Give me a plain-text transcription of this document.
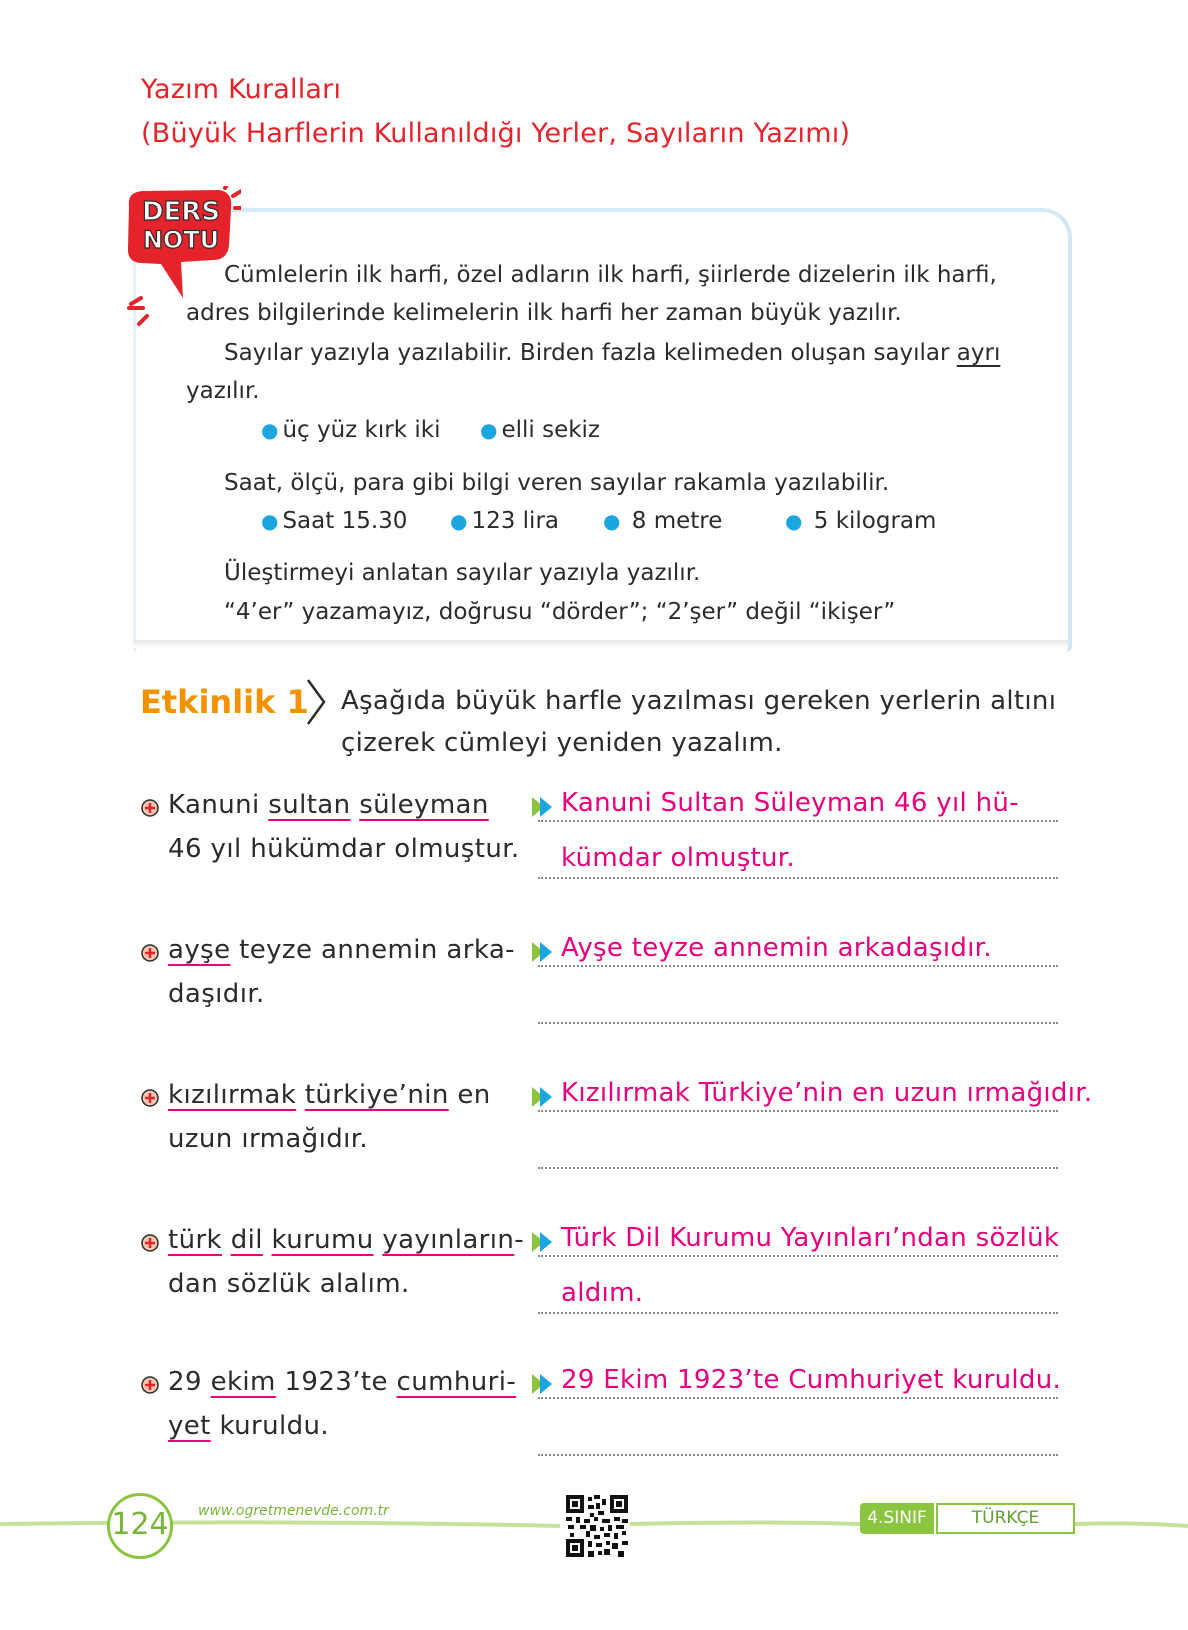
Yazım Kuralları
(Büyük Harflerin Kullanıldığı Yerler, Sayıların Yazımı)
DERS
NOTU
Cümlelerin ilk harfi, özel adların ilk harfi, şiirlerde dizelerin ilk harfi,
adres bilgilerinde kelimelerin ilk harfi her zaman büyük yazılır.
Sayılar yazıyla yazılabilir. Birden fazla kelimeden oluşan sayılar ayrı
yazılır.
● üç yüz kırk iki ● elli sekiz
Saat, ölçü, para gibi bilgi veren sayılar rakamla yazılabilir.
● Saat 15.30 ● 123 lira ● 8 metre	● 5 kilogram
Üleştirmeyi anlatan sayılar yazıyla yazılır.
“4’er” yazamayız, doğrusu “dörder”; “2’şer” değil “ikişer”
Etkinlik 1 Aşağıda büyük harfle yazılması gereken yerlerin altını
çizerek cümleyi yeniden yazalım.
Kanuni sultan süleyman
46 yıl hükümdar olmuştur.
Kanuni Sultan Süleyman 46 yıl hü-
kümdar olmuştur.
ayşe teyze annemin arka-
daşıdır.
Ayşe teyze annemin arkadaşıdır.
kızılırmak türkiye’nin en
uzun ırmağıdır.
Kızılırmak Türkiye’nin en uzun ırmağıdır.
türk dil kurumu yayınların-
dan sözlük alalım.
Türk Dil Kurumu Yayınları’ndan sözlük
aldım.
29 ekim 1923’te cumhuri-
yet kuruldu.
29 Ekim 1923’te Cumhuriyet kuruldu.
124	www.ogretmenevde.com.tr	4.SINIF	TÜRKÇE
